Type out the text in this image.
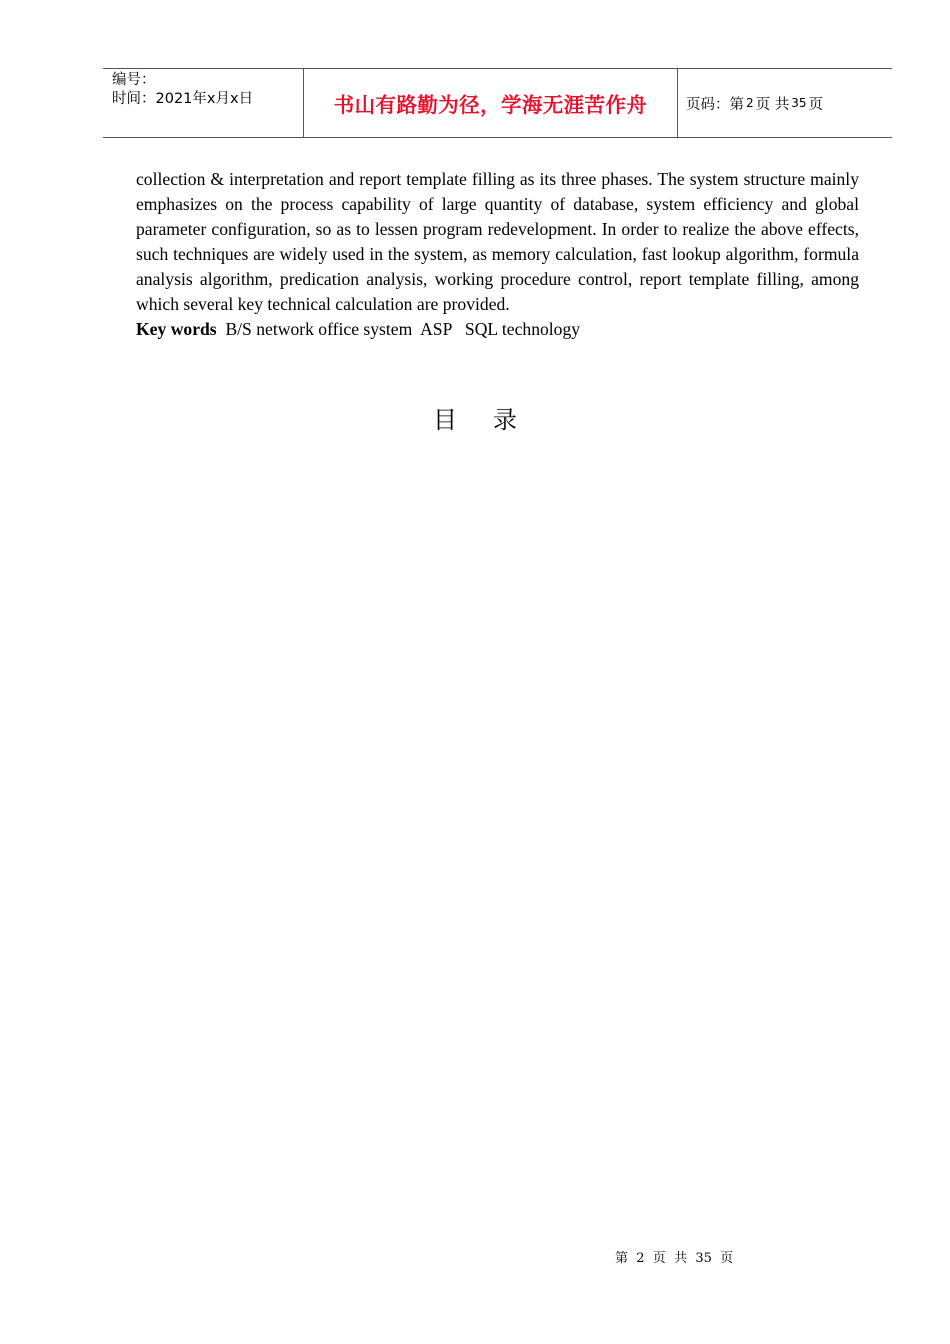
编号：
时间：2021年x月x日	书山有路勤为径，学海无涯苦作舟	页码：第 2 页 共 35 页

collection & interpretation and report template filling as its three phases. The system structure mainly emphasizes on the process capability of large quantity of database, system efficiency and global parameter configuration, so as to lessen program redevelopment. In order to realize the above effects, such techniques are widely used in the system, as memory calculation, fast lookup algorithm, formula analysis algorithm, predication analysis, working procedure control, report template filling, among which several key technical calculation are provided.

Key words  B/S network office system  ASP   SQL technology
目录
第  2  页  共  35  页
